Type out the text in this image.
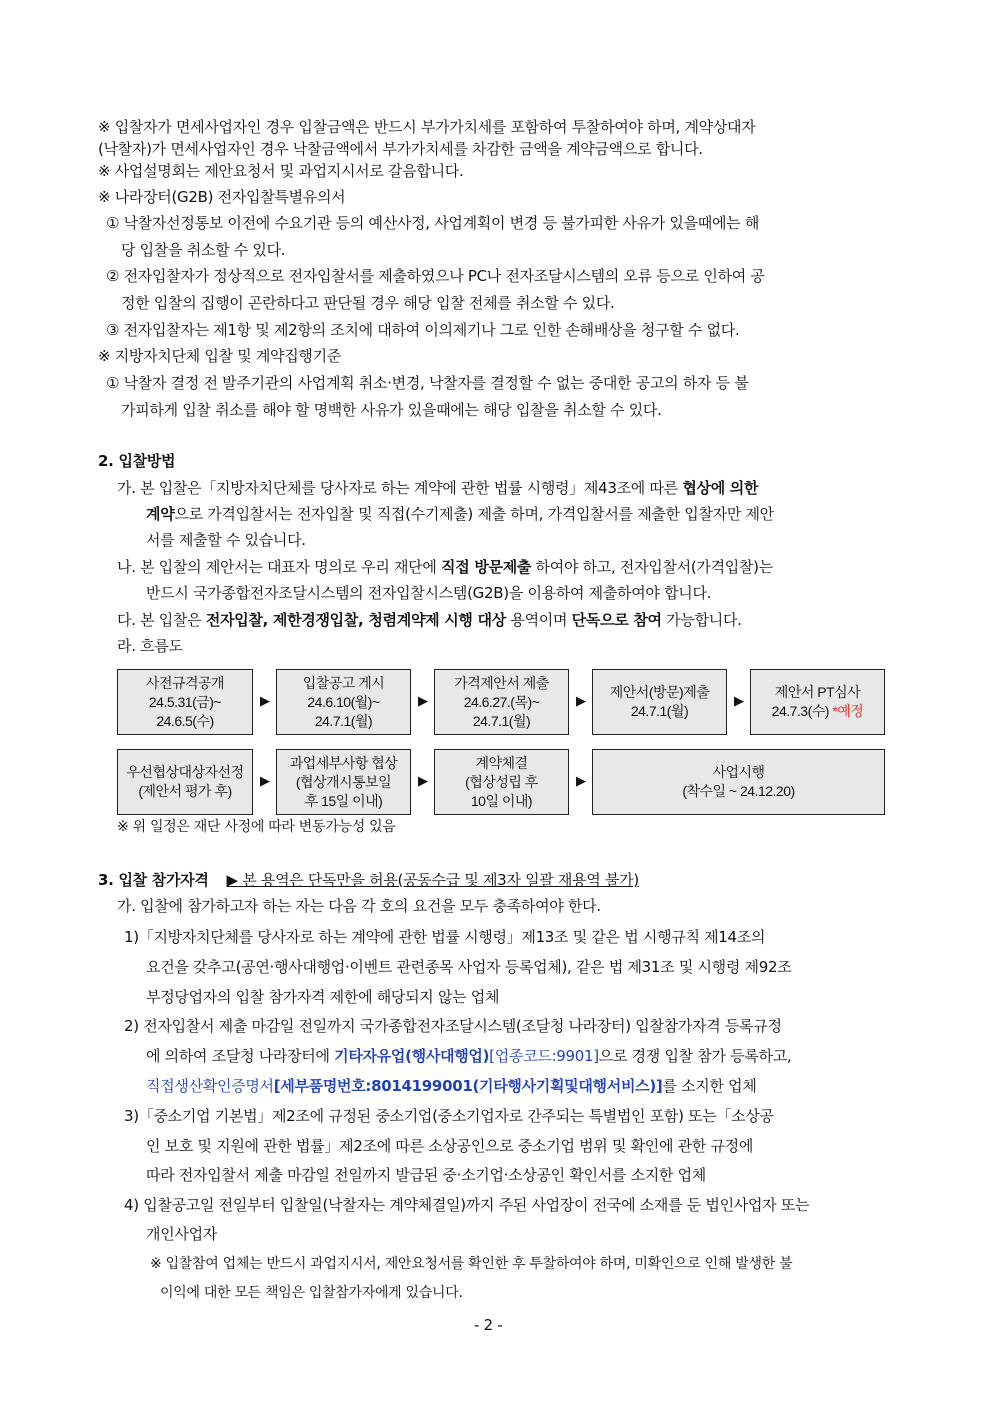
※ 입찰자가 면세사업자인 경우 입찰금액은 반드시 부가가치세를 포함하여 투찰하여야 하며, 계약상대자
(낙찰자)가 면세사업자인 경우 낙찰금액에서 부가가치세를 차감한 금액을 계약금액으로 합니다.
※ 사업설명회는 제안요청서 및 과업지시서로 갈음합니다.
※ 나라장터(G2B) 전자입찰특별유의서
① 낙찰자선정통보 이전에 수요기관 등의 예산사정, 사업계획이 변경 등 불가피한 사유가 있을때에는 해
당 입찰을 취소할 수 있다.
② 전자입찰자가 정상적으로 전자입찰서를 제출하였으나 PC나 전자조달시스템의 오류 등으로 인하여 공
정한 입찰의 집행이 곤란하다고 판단될 경우 해당 입찰 전체를 취소할 수 있다.
③ 전자입찰자는 제1항 및 제2항의 조치에 대하여 이의제기나 그로 인한 손해배상을 청구할 수 없다.
※ 지방자치단체 입찰 및 계약집행기준
① 낙찰자 결정 전 발주기관의 사업계획 취소·변경, 낙찰자를 결정할 수 없는 중대한 공고의 하자 등 불
가피하게 입찰 취소를 해야 할 명백한 사유가 있을때에는 해당 입찰을 취소할 수 있다.
2. 입찰방법
가. 본 입찰은「지방자치단체를 당사자로 하는 계약에 관한 법률 시행령」제43조에 따른 협상에 의한
계약으로 가격입찰서는 전자입찰 및 직접(수기제출) 제출 하며, 가격입찰서를 제출한 입찰자만 제안
서를 제출할 수 있습니다.
나. 본 입찰의 제안서는 대표자 명의로 우리 재단에 직접 방문제출 하여야 하고, 전자입찰서(가격입찰)는
반드시 국가종합전자조달시스템의 전자입찰시스템(G2B)을 이용하여 제출하여야 합니다.
다. 본 입찰은 전자입찰, 제한경쟁입찰, 청렴계약제 시행 대상 용역이며 단독으로 참여 가능합니다.
라. 흐름도
사전규격공개
24.5.31(금)~
24.6.5(수)
▶
입찰공고 게시
24.6.10(월)~
24.7.1(월)
▶
가격제안서 제출
24.6.27.(목)~
24.7.1(월)
▶
제안서(방문)제출
24.7.1(월)
▶
제안서 PT심사
24.7.3(수) *예정
우선협상대상자선정
(제안서 평가 후)
▶
과업세부사항 협상
(협상개시통보일
후 15일 이내)
▶
계약체결
(협상성립 후
10일 이내)
▶
사업시행
(착수일 ~ 24.12.20)
※ 위 일정은 재단 사정에 따라 변동가능성 있음
3. 입찰 참가자격 ▶ 본 용역은 단독만을 허용(공동수급 및 제3자 일괄 재용역 불가)
가. 입찰에 참가하고자 하는 자는 다음 각 호의 요건을 모두 충족하여야 한다.
1)「지방자치단체를 당사자로 하는 계약에 관한 법률 시행령」제13조 및 같은 법 시행규칙 제14조의
요건을 갖추고(공연·행사대행업·이벤트 관련종목 사업자 등록업체), 같은 법 제31조 및 시행령 제92조
부정당업자의 입찰 참가자격 제한에 해당되지 않는 업체
2) 전자입찰서 제출 마감일 전일까지 국가종합전자조달시스템(조달청 나라장터) 입찰참가자격 등록규정
에 의하여 조달청 나라장터에 기타자유업(행사대행업)[업종코드:9901]으로 경쟁 입찰 참가 등록하고,
직접생산확인증명서[세부품명번호:8014199001(기타행사기획및대행서비스)]를 소지한 업체
3)「중소기업 기본법」제2조에 규정된 중소기업(중소기업자로 간주되는 특별법인 포함) 또는「소상공
인 보호 및 지원에 관한 법률」제2조에 따른 소상공인으로 중소기업 범위 및 확인에 관한 규정에
따라 전자입찰서 제출 마감일 전일까지 발급된 중·소기업·소상공인 확인서를 소지한 업체
4) 입찰공고일 전일부터 입찰일(낙찰자는 계약체결일)까지 주된 사업장이 전국에 소재를 둔 법인사업자 또는
개인사업자
※ 입찰참여 업체는 반드시 과업지시서, 제안요청서를 확인한 후 투찰하여야 하며, 미확인으로 인해 발생한 불
이익에 대한 모든 책임은 입찰참가자에게 있습니다.
- 2 -
